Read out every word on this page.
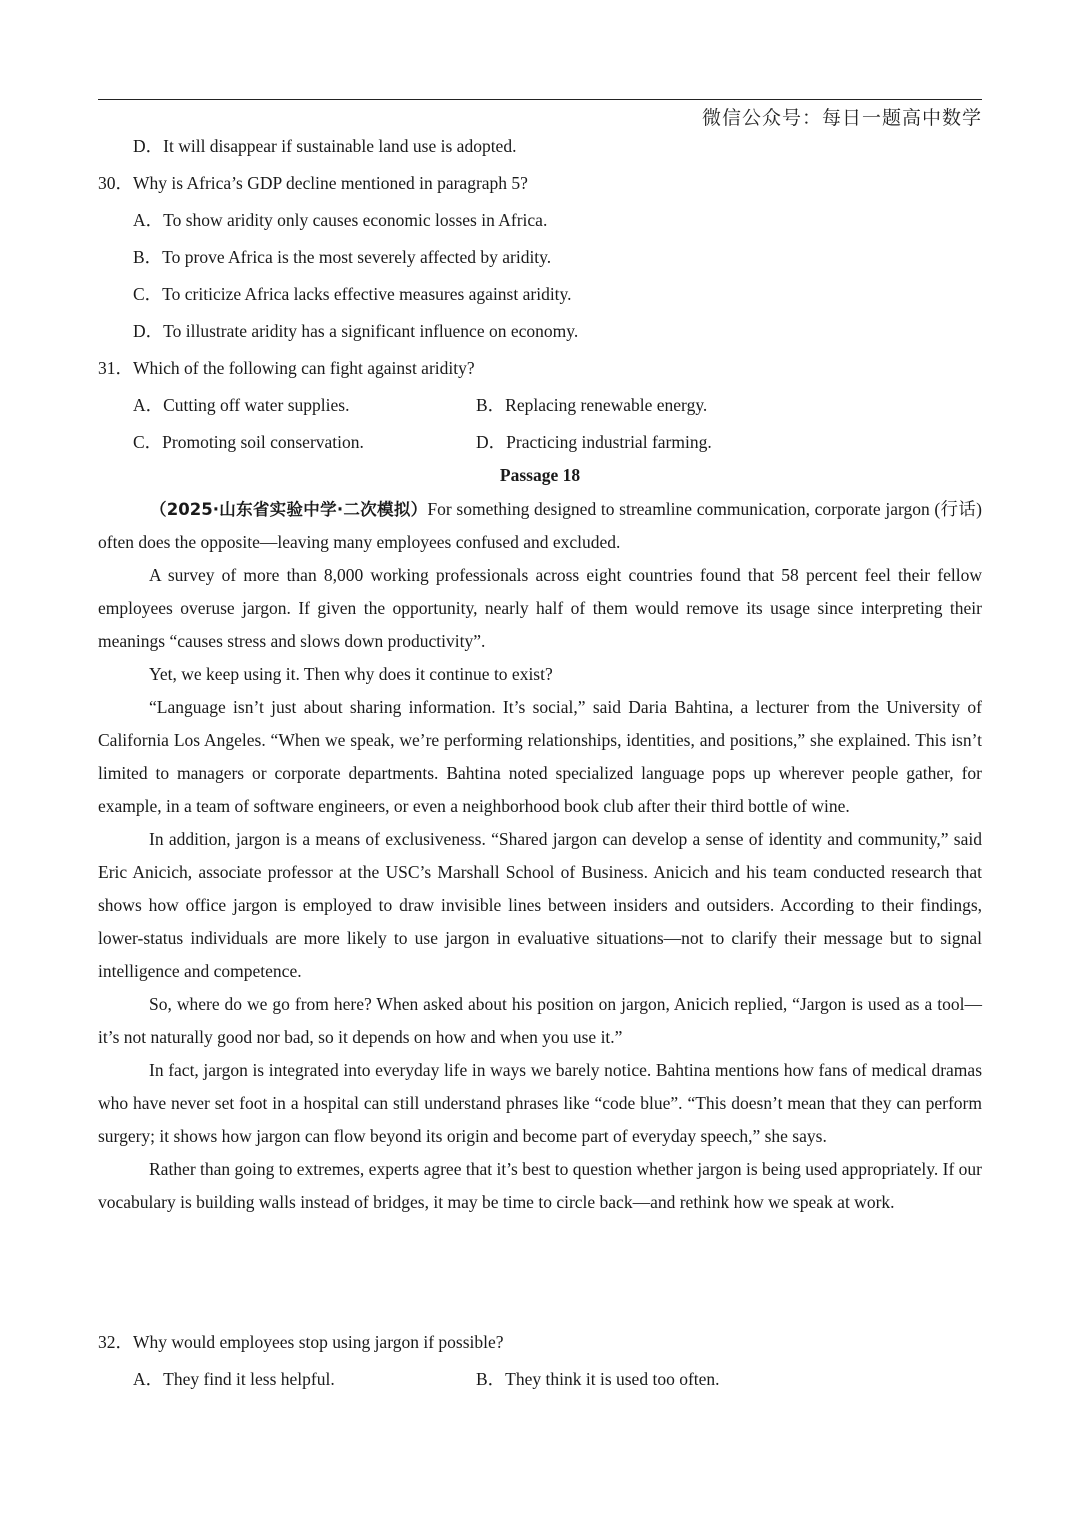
微信公众号：每日一题高中数学
D．It will disappear if sustainable land use is adopted.
30．Why is Africa’s GDP decline mentioned in paragraph 5?
A．To show aridity only causes economic losses in Africa.
B．To prove Africa is the most severely affected by aridity.
C．To criticize Africa lacks effective measures against aridity.
D．To illustrate aridity has a significant influence on economy.
31．Which of the following can fight against aridity?
A．Cutting off water supplies.	B．Replacing renewable energy.
C．Promoting soil conservation.	D．Practicing industrial farming.
Passage 18

（2025·山东省实验中学·二次模拟）For something designed to streamline communication, corporate jargon (行话) often does the opposite—leaving many employees confused and excluded.

A survey of more than 8,000 working professionals across eight countries found that 58 percent feel their fellow employees overuse jargon. If given the opportunity, nearly half of them would remove its usage since interpreting their meanings “causes stress and slows down productivity”.

Yet, we keep using it. Then why does it continue to exist?

“Language isn’t just about sharing information. It’s social,” said Daria Bahtina, a lecturer from the University of California Los Angeles. “When we speak, we’re performing relationships, identities, and positions,” she explained. This isn’t limited to managers or corporate departments. Bahtina noted specialized language pops up wherever people gather, for example, in a team of software engineers, or even a neighborhood book club after their third bottle of wine.

In addition, jargon is a means of exclusiveness. “Shared jargon can develop a sense of identity and community,” said Eric Anicich, associate professor at the USC’s Marshall School of Business. Anicich and his team conducted research that shows how office jargon is employed to draw invisible lines between insiders and outsiders. According to their findings, lower-status individuals are more likely to use jargon in evaluative situations—not to clarify their message but to signal intelligence and competence.

So, where do we go from here? When asked about his position on jargon, Anicich replied, “Jargon is used as a tool—it’s not naturally good nor bad, so it depends on how and when you use it.”

In fact, jargon is integrated into everyday life in ways we barely notice. Bahtina mentions how fans of medical dramas who have never set foot in a hospital can still understand phrases like “code blue”. “This doesn’t mean that they can perform surgery; it shows how jargon can flow beyond its origin and become part of everyday speech,” she says.

Rather than going to extremes, experts agree that it’s best to question whether jargon is being used appropriately. If our vocabulary is building walls instead of bridges, it may be time to circle back—and rethink how we speak at work.

32．Why would employees stop using jargon if possible?
A．They find it less helpful.	B．They think it is used too often.
